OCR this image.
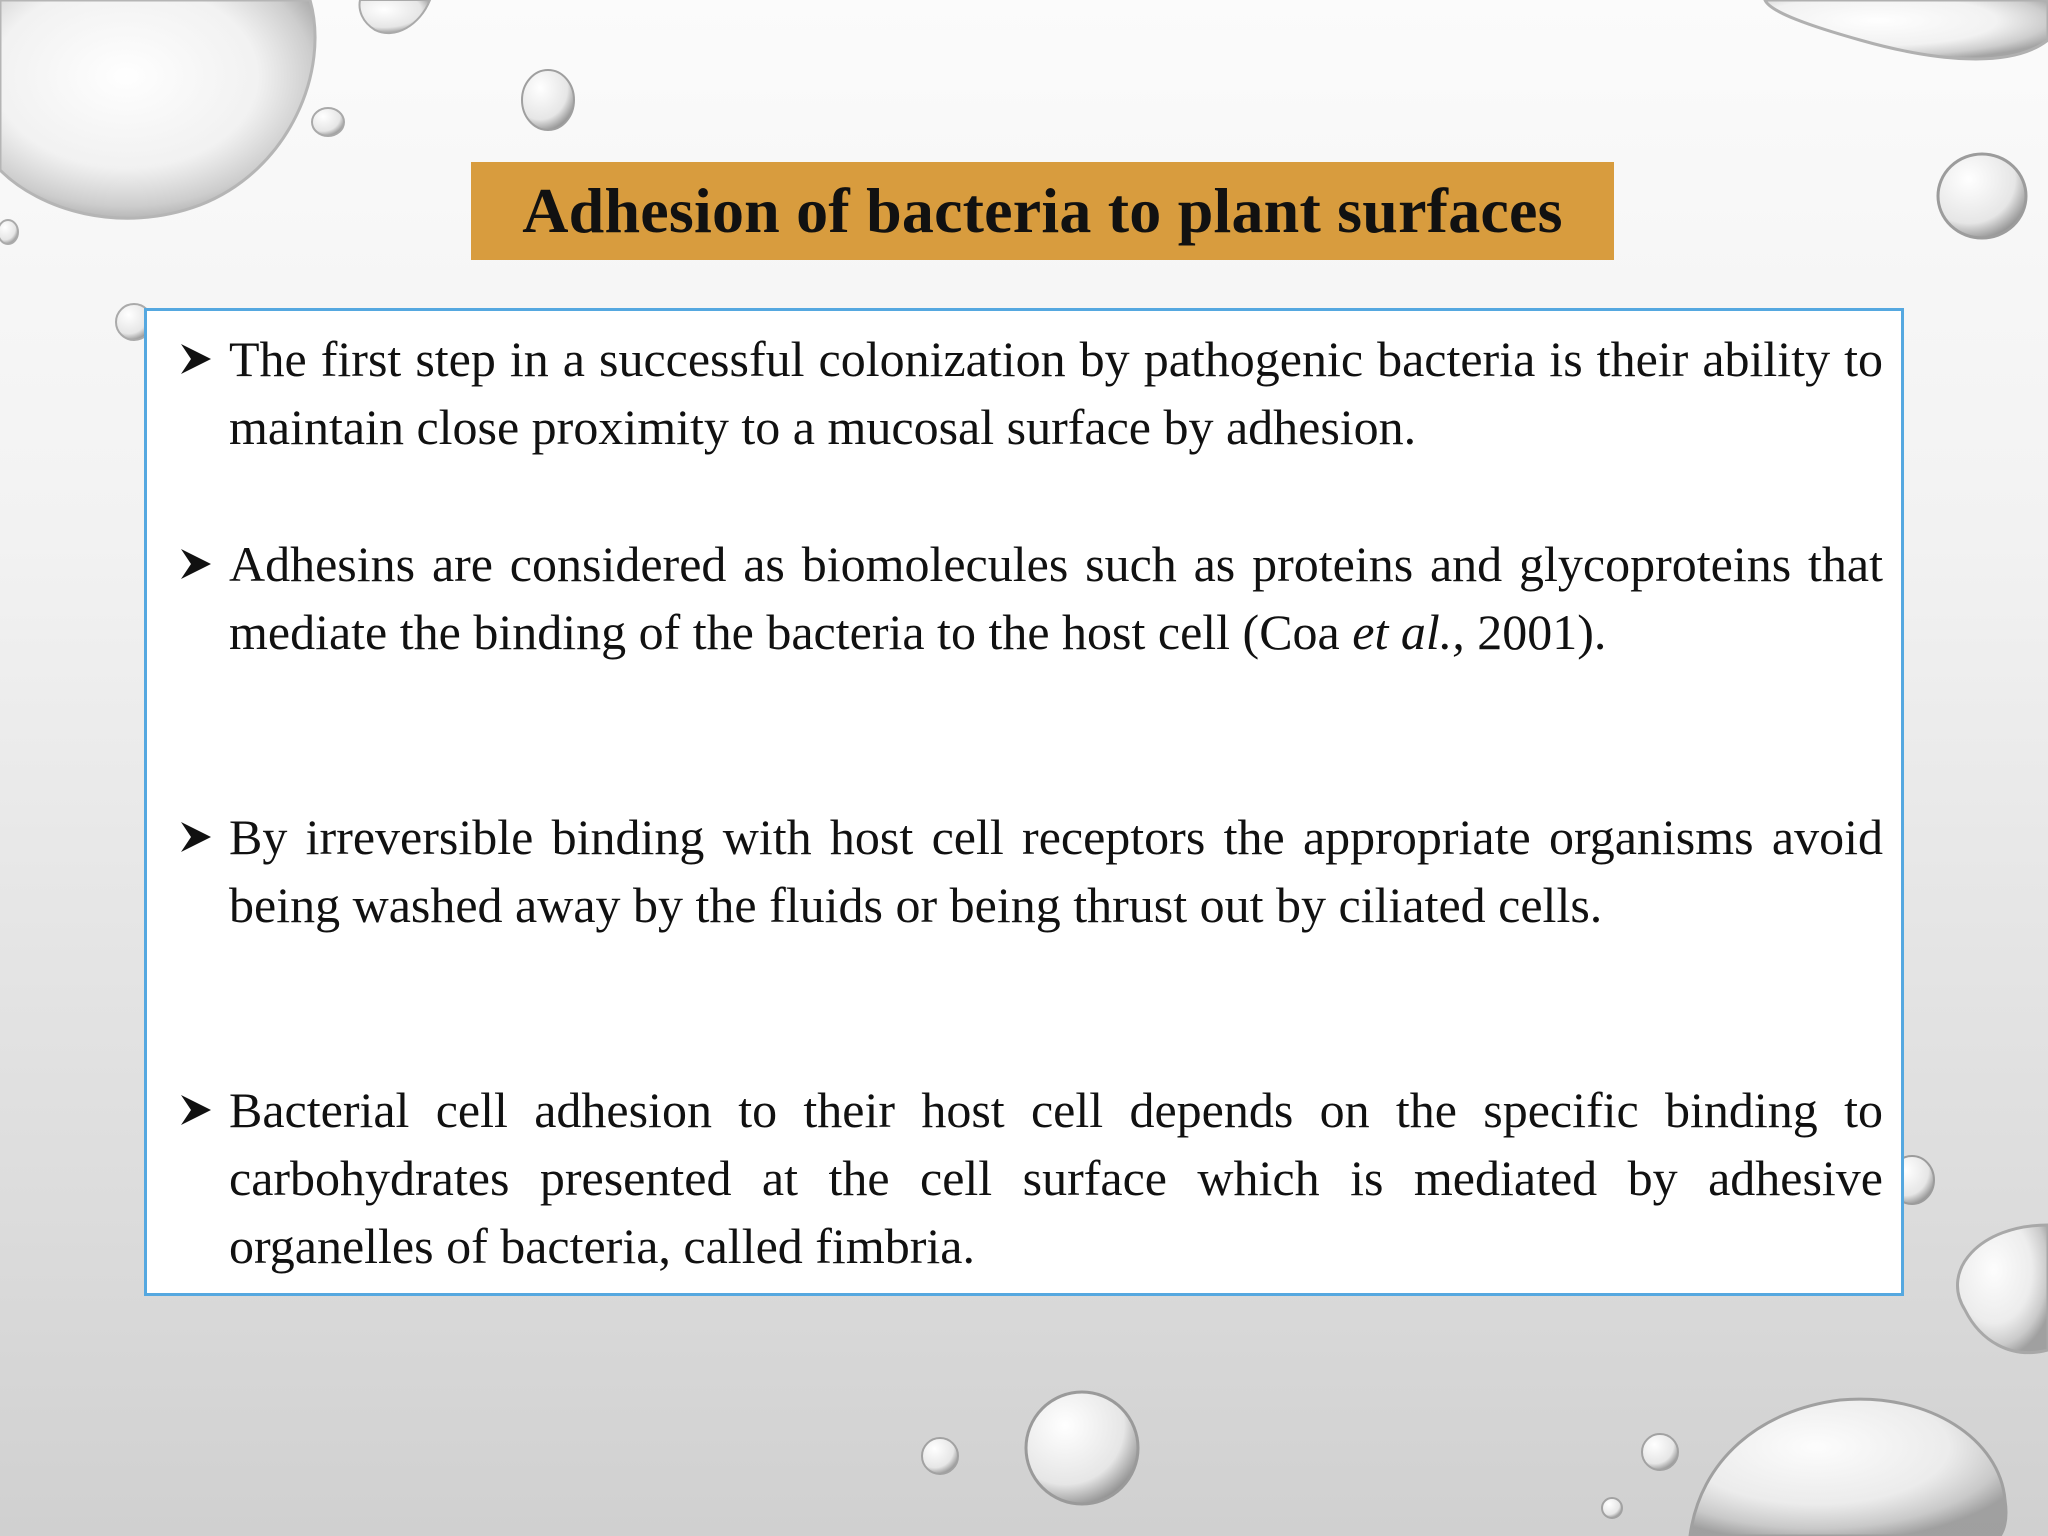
Adhesion of bacteria to plant surfaces
The first step in a successful colonization by pathogenic bacteria is their ability to maintain close proximity to a mucosal surface by adhesion.
Adhesins are considered as biomolecules such as proteins and glycoproteins that mediate the binding of the bacteria to the host cell (Coa et al., 2001).
By irreversible binding with host cell receptors the appropriate organisms avoid being washed away by the fluids or being thrust out by ciliated cells.
Bacterial cell adhesion to their host cell depends on the specific binding to carbohydrates presented at the cell surface which is mediated by adhesive organelles of bacteria, called fimbria.
